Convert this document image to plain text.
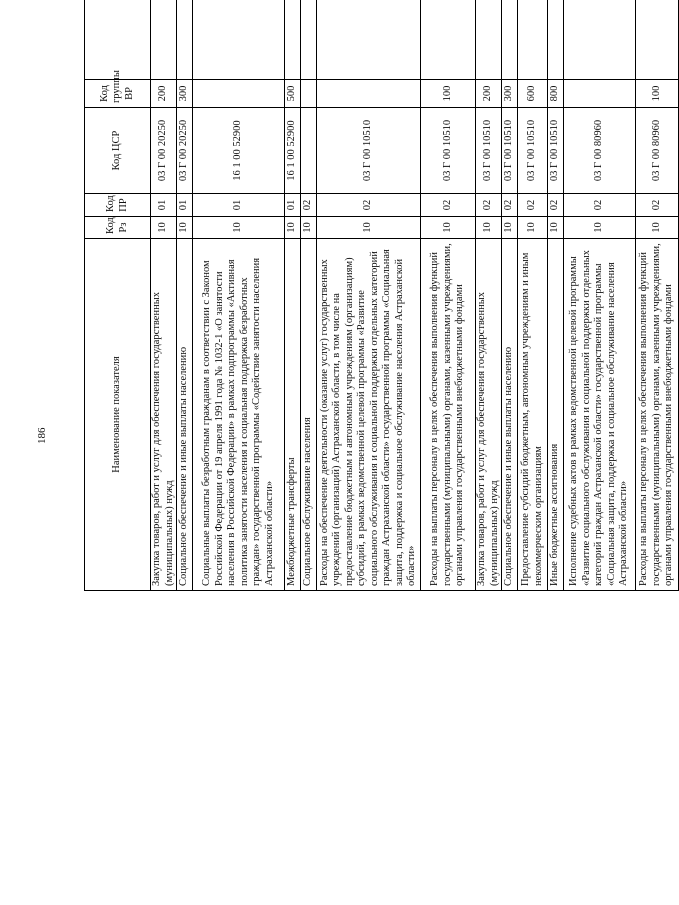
186	Наименование показателя	Код Рз	Код ПР	Код ЦСР	Код группы ВР	
Закупка товаров, работ и услуг для обеспечения государственных (муниципальных) нужд	10	01	03 Г 00 20250	200	
Социальное обеспечение и иные выплаты населению	10	01	03 Г 00 20250	300	
Социальные выплаты безработным гражданам в соответствии с Законом Российской Федерации от 19 апреля 1991 года № 1032-1 «О занятости населения в Российской Федерации» в рамках подпрограммы «Активная политика занятости населения и социальная поддержка безработных граждан» государственной программы «Содействие занятости населения Астраханской области»	10	01	16 1 00 52900		
Межбюджетные трансферты	10	01	16 1 00 52900	500	
Социальное обслуживание населения	10	02			
Расходы на обеспечение деятельности (оказание услуг) государственных учреждений (организаций) Астраханской области, в том числе на предоставление бюджетным и автономным учреждениям (организациям) субсидий, в рамках ведомственной целевой программы «Развитие социального обслуживания и социальной поддержки отдельных категорий граждан Астраханской области» государственной программы «Социальная защита, поддержка и социальное обслуживание населения Астраханской области»	10	02	03 Г 00 10510		
Расходы на выплаты персоналу в целях обеспечения выполнения функций государственными (муниципальными) органами, казенными учреждениями, органами управления государственными внебюджетными фондами	10	02	03 Г 00 10510	100	
Закупка товаров, работ и услуг для обеспечения государственных (муниципальных) нужд	10	02	03 Г 00 10510	200	
Социальное обеспечение и иные выплаты населению	10	02	03 Г 00 10510	300	
Предоставление субсидий бюджетным, автономным учреждениям и иным некоммерческим организациям	10	02	03 Г 00 10510	600	
Иные бюджетные ассигнования	10	02	03 Г 00 10510	800	
Исполнение судебных актов в рамках ведомственной целевой программы «Развитие социального обслуживания и социальной поддержки отдельных категорий граждан Астраханской области» государственной программы «Социальная защита, поддержка и социальное обслуживание населения Астраханской области»	10	02	03 Г 00 80960		
Расходы на выплаты персоналу в целях обеспечения выполнения функций государственными (муниципальными) органами, казенными учреждениями, органами управления государственными внебюджетными фондами	10	02	03 Г 00 80960	100	
